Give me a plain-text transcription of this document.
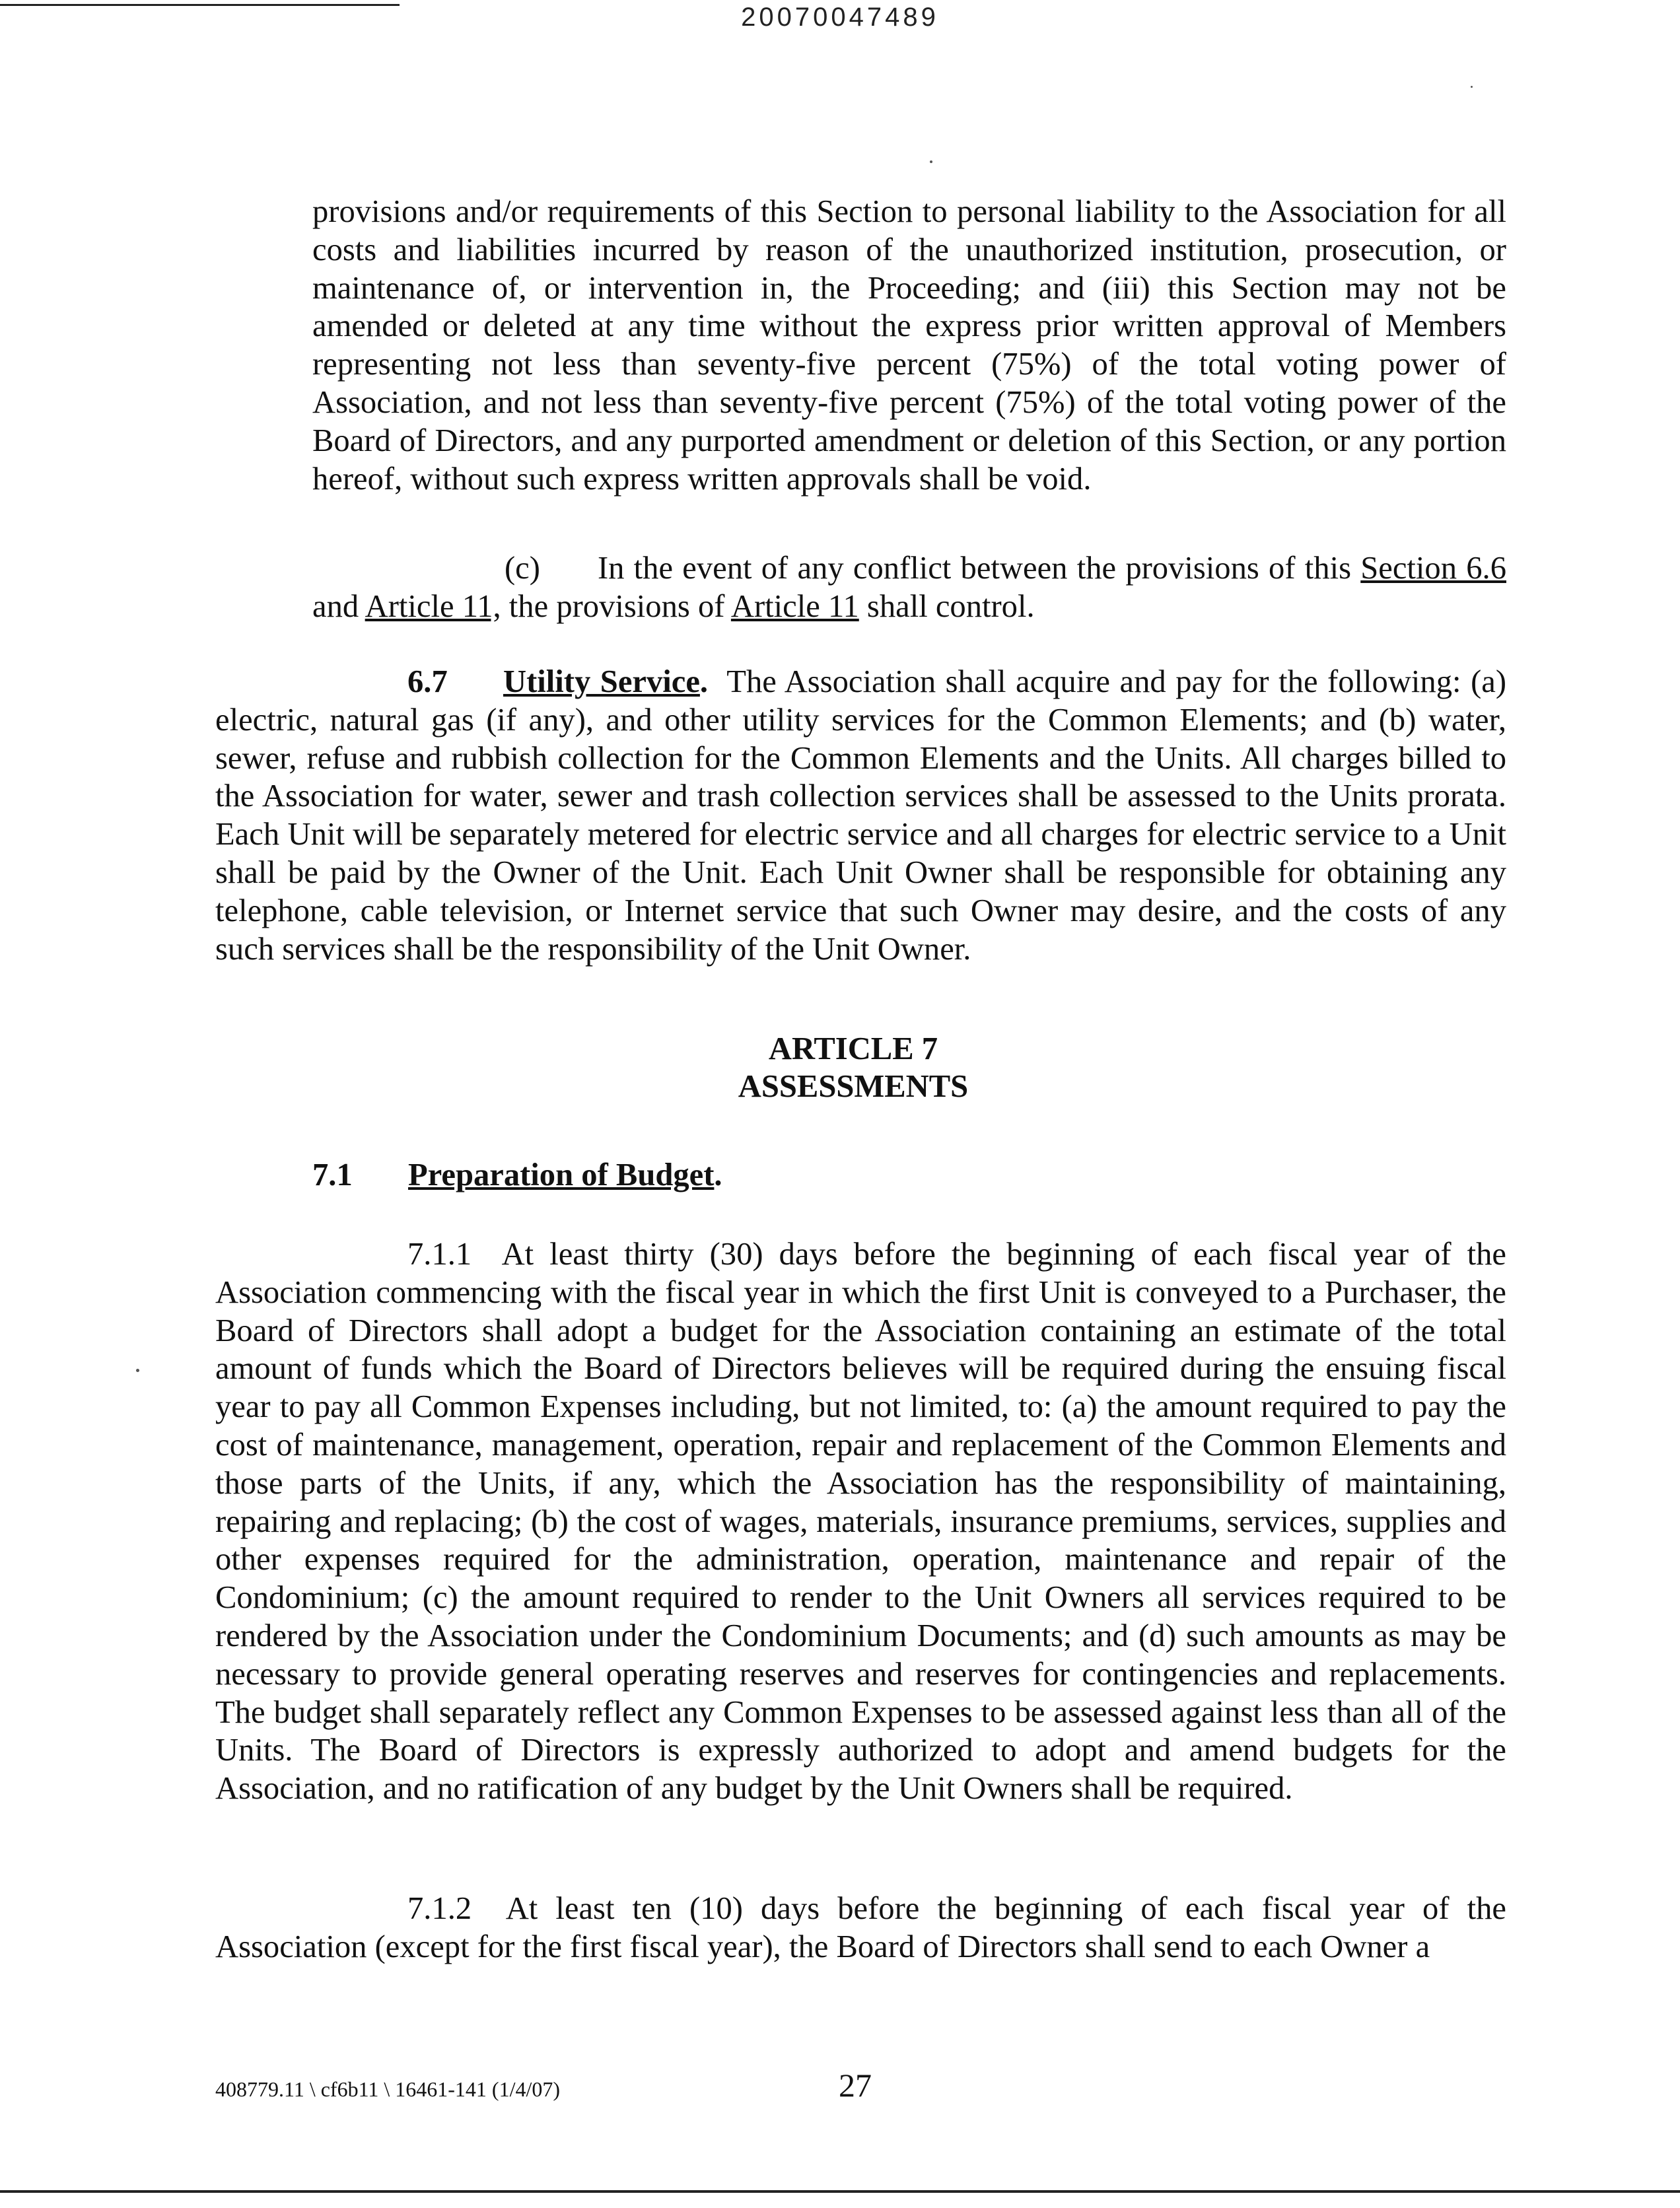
20070047489

provisions and/or requirements of this Section to personal liability to the Association for all costs and liabilities incurred by reason of the unauthorized institution, prosecution, or maintenance of, or intervention in, the Proceeding; and (iii) this Section may not be amended or deleted at any time without the express prior written approval of Members representing not less than seventy-five percent (75%) of the total voting power of Association, and not less than seventy-five percent (75%) of the total voting power of the Board of Directors, and any purported amendment or deletion of this Section, or any portion hereof, without such express written approvals shall be void.

(c) In the event of any conflict between the provisions of this Section 6.6 and Article 11, the provisions of Article 11 shall control.

6.7 Utility Service. The Association shall acquire and pay for the following: (a) electric, natural gas (if any), and other utility services for the Common Elements; and (b) water, sewer, refuse and rubbish collection for the Common Elements and the Units. All charges billed to the Association for water, sewer and trash collection services shall be assessed to the Units prorata. Each Unit will be separately metered for electric service and all charges for electric service to a Unit shall be paid by the Owner of the Unit. Each Unit Owner shall be responsible for obtaining any telephone, cable television, or Internet service that such Owner may desire, and the costs of any such services shall be the responsibility of the Unit Owner.

ARTICLE 7
ASSESSMENTS

7.1 Preparation of Budget.

7.1.1 At least thirty (30) days before the beginning of each fiscal year of the Association commencing with the fiscal year in which the first Unit is conveyed to a Purchaser, the Board of Directors shall adopt a budget for the Association containing an estimate of the total amount of funds which the Board of Directors believes will be required during the ensuing fiscal year to pay all Common Expenses including, but not limited, to: (a) the amount required to pay the cost of maintenance, management, operation, repair and replacement of the Common Elements and those parts of the Units, if any, which the Association has the responsibility of maintaining, repairing and replacing; (b) the cost of wages, materials, insurance premiums, services, supplies and other expenses required for the administration, operation, maintenance and repair of the Condominium; (c) the amount required to render to the Unit Owners all services required to be rendered by the Association under the Condominium Documents; and (d) such amounts as may be necessary to provide general operating reserves and reserves for contingencies and replacements. The budget shall separately reflect any Common Expenses to be assessed against less than all of the Units. The Board of Directors is expressly authorized to adopt and amend budgets for the Association, and no ratification of any budget by the Unit Owners shall be required.

7.1.2 At least ten (10) days before the beginning of each fiscal year of the Association (except for the first fiscal year), the Board of Directors shall send to each Owner a

408779.11 \ cf6b11 \ 16461-141 (1/4/07)	27
